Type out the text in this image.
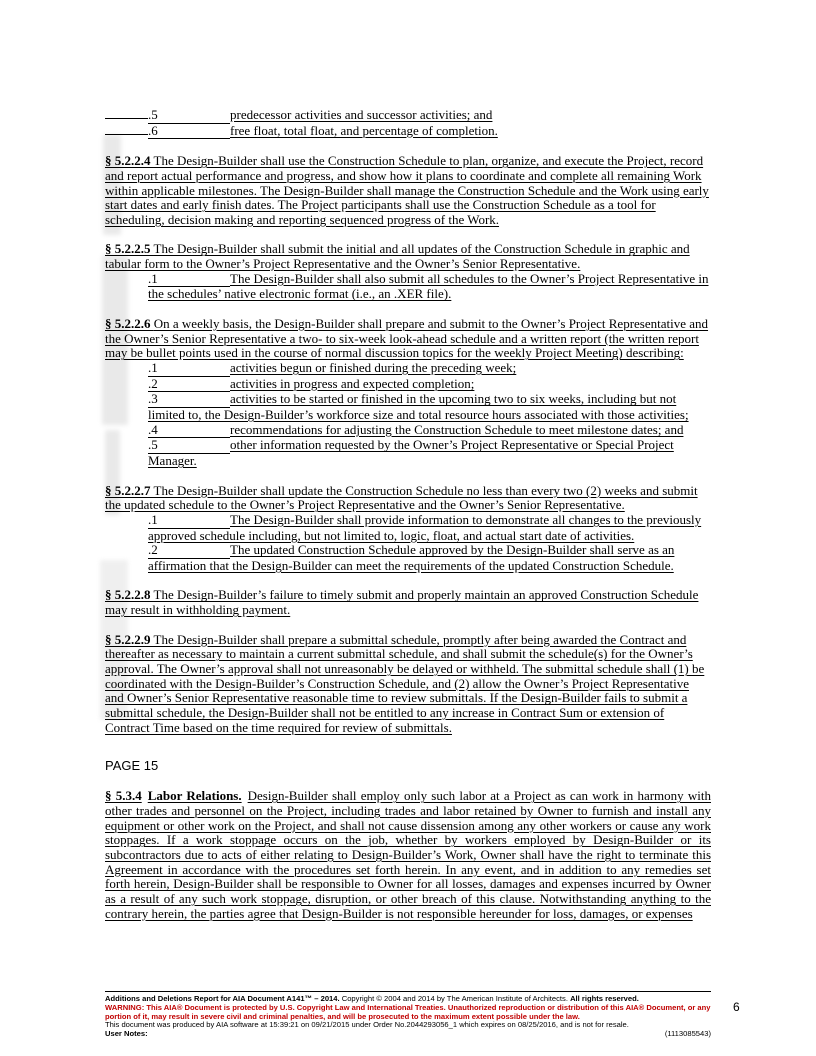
.5	predecessor activities and successor activities; and
.6	free float, total float, and percentage of completion.

§ 5.2.2.4 The Design-Builder shall use the Construction Schedule to plan, organize, and execute the Project, record and report actual performance and progress, and show how it plans to coordinate and complete all remaining Work within applicable milestones. The Design-Builder shall manage the Construction Schedule and the Work using early start dates and early finish dates. The Project participants shall use the Construction Schedule as a tool for scheduling, decision making and reporting sequenced progress of the Work.

§ 5.2.2.5 The Design-Builder shall submit the initial and all updates of the Construction Schedule in graphic and tabular form to the Owner’s Project Representative and the Owner’s Senior Representative.

.1	The Design-Builder shall also submit all schedules to the Owner’s Project Representative in the schedules’ native electronic format (i.e., an .XER file).

§ 5.2.2.6 On a weekly basis, the Design-Builder shall prepare and submit to the Owner’s Project Representative and the Owner’s Senior Representative a two- to six-week look-ahead schedule and a written report (the written report may be bullet points used in the course of normal discussion topics for the weekly Project Meeting) describing:

.1	activities begun or finished during the preceding week;
.2	activities in progress and expected completion;
.3	activities to be started or finished in the upcoming two to six weeks, including but not limited to, the Design-Builder’s workforce size and total resource hours associated with those activities;
.4	recommendations for adjusting the Construction Schedule to meet milestone dates; and
.5	other information requested by the Owner’s Project Representative or Special Project Manager.

§ 5.2.2.7 The Design-Builder shall update the Construction Schedule no less than every two (2) weeks and submit the updated schedule to the Owner’s Project Representative and the Owner’s Senior Representative.

.1	The Design-Builder shall provide information to demonstrate all changes to the previously approved schedule including, but not limited to, logic, float, and actual start date of activities.
.2	The updated Construction Schedule approved by the Design-Builder shall serve as an affirmation that the Design-Builder can meet the requirements of the updated Construction Schedule.

§ 5.2.2.8 The Design-Builder’s failure to timely submit and properly maintain an approved Construction Schedule may result in withholding payment.

§ 5.2.2.9 The Design-Builder shall prepare a submittal schedule, promptly after being awarded the Contract and thereafter as necessary to maintain a current submittal schedule, and shall submit the schedule(s) for the Owner’s approval. The Owner’s approval shall not unreasonably be delayed or withheld. The submittal schedule shall (1) be coordinated with the Design-Builder’s Construction Schedule, and (2) allow the Owner’s Project Representative and Owner’s Senior Representative reasonable time to review submittals. If the Design-Builder fails to submit a submittal schedule, the Design-Builder shall not be entitled to any increase in Contract Sum or extension of Contract Time based on the time required for review of submittals.

PAGE 15

§ 5.3.4 Labor Relations. Design-Builder shall employ only such labor at a Project as can work in harmony with other trades and personnel on the Project, including trades and labor retained by Owner to furnish and install any equipment or other work on the Project, and shall not cause dissension among any other workers or cause any work stoppages. If a work stoppage occurs on the job, whether by workers employed by Design-Builder or its subcontractors due to acts of either relating to Design-Builder’s Work, Owner shall have the right to terminate this Agreement in accordance with the procedures set forth herein. In any event, and in addition to any remedies set forth herein, Design-Builder shall be responsible to Owner for all losses, damages and expenses incurred by Owner as a result of any such work stoppage, disruption, or other breach of this clause. Notwithstanding anything to the contrary herein, the parties agree that Design-Builder is not responsible hereunder for loss, damages, or expenses

Additions and Deletions Report for AIA Document A141™ – 2014. Copyright © 2004 and 2014 by The American Institute of Architects. All rights reserved.

WARNING: This AIA® Document is protected by U.S. Copyright Law and International Treaties. Unauthorized reproduction or distribution of this AIA® Document, or any portion of it, may result in severe civil and criminal penalties, and will be prosecuted to the maximum extent possible under the law.

This document was produced by AIA software at 15:39:21 on 09/21/2015 under Order No.2044293056_1 which expires on 08/25/2016, and is not for resale.

User Notes:	(1113085543)
6
